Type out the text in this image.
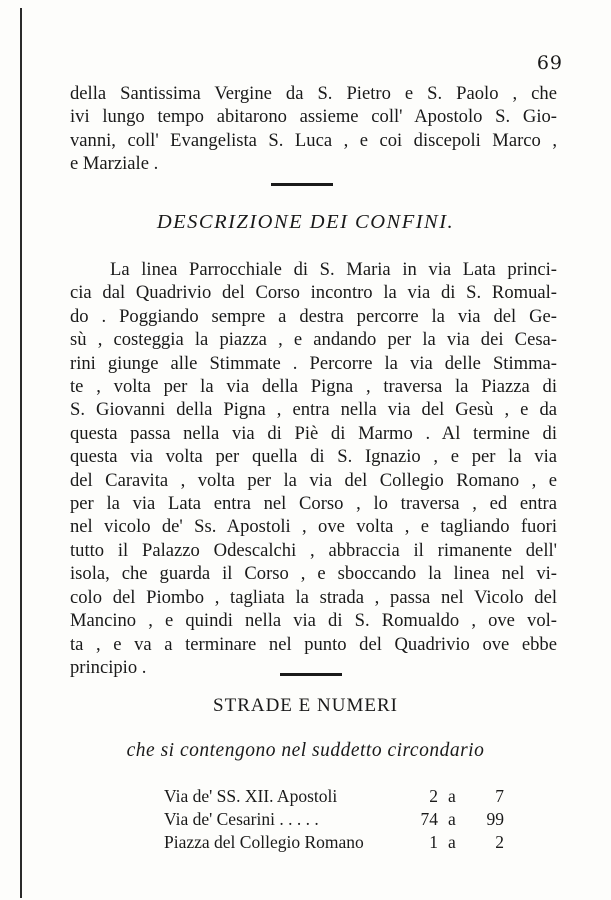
69
della Santissima Vergine da S. Pietro e S. Paolo , che
ivi lungo tempo abitarono assieme coll' Apostolo S. Gio-
vanni, coll' Evangelista S. Luca , e coi discepoli Marco ,
e Marziale .
DESCRIZIONE DEI CONFINI.
La linea Parrocchiale di S. Maria in via Lata princi-
cia dal Quadrivio del Corso incontro la via di S. Romual-
do . Poggiando sempre a destra percorre la via del Ge-
sù , costeggia la piazza , e andando per la via dei Cesa-
rini giunge alle Stimmate . Percorre la via delle Stimma-
te , volta per la via della Pigna , traversa la Piazza di
S. Giovanni della Pigna , entra nella via del Gesù , e da
questa passa nella via di Piè di Marmo . Al termine di
questa via volta per quella di S. Ignazio , e per la via
del Caravita , volta per la via del Collegio Romano , e
per la via Lata entra nel Corso , lo traversa , ed entra
nel vicolo de' Ss. Apostoli , ove volta , e tagliando fuori
tutto il Palazzo Odescalchi , abbraccia il rimanente dell'
isola, che guarda il Corso , e sboccando la linea nel vi-
colo del Piombo , tagliata la strada , passa nel Vicolo del
Mancino , e quindi nella via di S. Romualdo , ove vol-
ta , e va a terminare nel punto del Quadrivio ove ebbe
principio .
STRADE E NUMERI
che si contengono nel suddetto circondario
Via de' SS. XII. Apostoli	2 a	7
Via de' Cesarini . . . . .	74 a	99
Piazza del Collegio Romano	1 a	2
